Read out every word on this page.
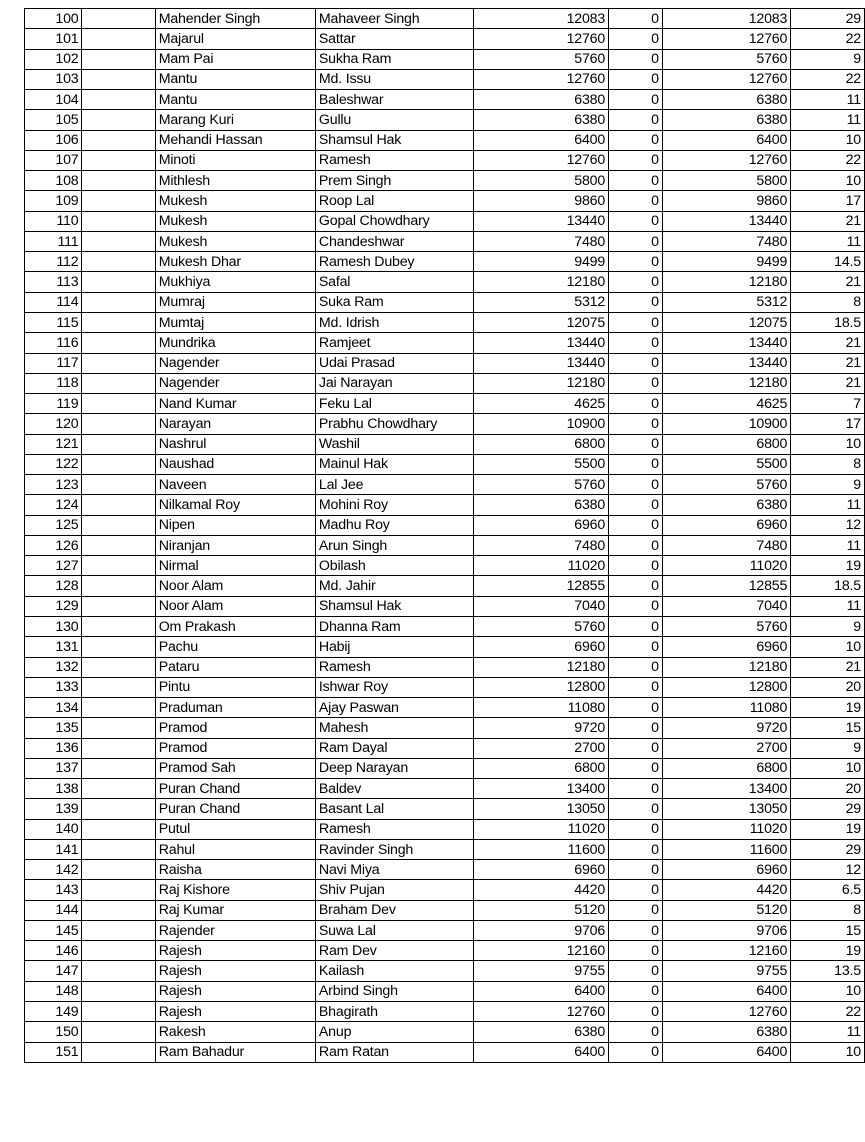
100		Mahender Singh	Mahaveer Singh	12083	0	12083	29
101		Majarul	Sattar	12760	0	12760	22
102		Mam Pai	Sukha Ram	5760	0	5760	9
103		Mantu	Md. Issu	12760	0	12760	22
104		Mantu	Baleshwar	6380	0	6380	11
105		Marang Kuri	Gullu	6380	0	6380	11
106		Mehandi Hassan	Shamsul Hak	6400	0	6400	10
107		Minoti	Ramesh	12760	0	12760	22
108		Mithlesh	Prem Singh	5800	0	5800	10
109		Mukesh	Roop Lal	9860	0	9860	17
110		Mukesh	Gopal Chowdhary	13440	0	13440	21
111		Mukesh	Chandeshwar	7480	0	7480	11
112		Mukesh Dhar	Ramesh Dubey	9499	0	9499	14.5
113		Mukhiya	Safal	12180	0	12180	21
114		Mumraj	Suka Ram	5312	0	5312	8
115		Mumtaj	Md. Idrish	12075	0	12075	18.5
116		Mundrika	Ramjeet	13440	0	13440	21
117		Nagender	Udai Prasad	13440	0	13440	21
118		Nagender	Jai Narayan	12180	0	12180	21
119		Nand Kumar	Feku Lal	4625	0	4625	7
120		Narayan	Prabhu Chowdhary	10900	0	10900	17
121		Nashrul	Washil	6800	0	6800	10
122		Naushad	Mainul Hak	5500	0	5500	8
123		Naveen	Lal Jee	5760	0	5760	9
124		Nilkamal Roy	Mohini Roy	6380	0	6380	11
125		Nipen	Madhu Roy	6960	0	6960	12
126		Niranjan	Arun Singh	7480	0	7480	11
127		Nirmal	Obilash	11020	0	11020	19
128		Noor Alam	Md. Jahir	12855	0	12855	18.5
129		Noor Alam	Shamsul Hak	7040	0	7040	11
130		Om Prakash	Dhanna Ram	5760	0	5760	9
131		Pachu	Habij	6960	0	6960	10
132		Pataru	Ramesh	12180	0	12180	21
133		Pintu	Ishwar Roy	12800	0	12800	20
134		Praduman	Ajay Paswan	11080	0	11080	19
135		Pramod	Mahesh	9720	0	9720	15
136		Pramod	Ram Dayal	2700	0	2700	9
137		Pramod Sah	Deep Narayan	6800	0	6800	10
138		Puran Chand	Baldev	13400	0	13400	20
139		Puran Chand	Basant Lal	13050	0	13050	29
140		Putul	Ramesh	11020	0	11020	19
141		Rahul	Ravinder Singh	11600	0	11600	29
142		Raisha	Navi Miya	6960	0	6960	12
143		Raj Kishore	Shiv Pujan	4420	0	4420	6.5
144		Raj Kumar	Braham Dev	5120	0	5120	8
145		Rajender	Suwa Lal	9706	0	9706	15
146		Rajesh	Ram Dev	12160	0	12160	19
147		Rajesh	Kailash	9755	0	9755	13.5
148		Rajesh	Arbind Singh	6400	0	6400	10
149		Rajesh	Bhagirath	12760	0	12760	22
150		Rakesh	Anup	6380	0	6380	11
151		Ram Bahadur	Ram Ratan	6400	0	6400	10
